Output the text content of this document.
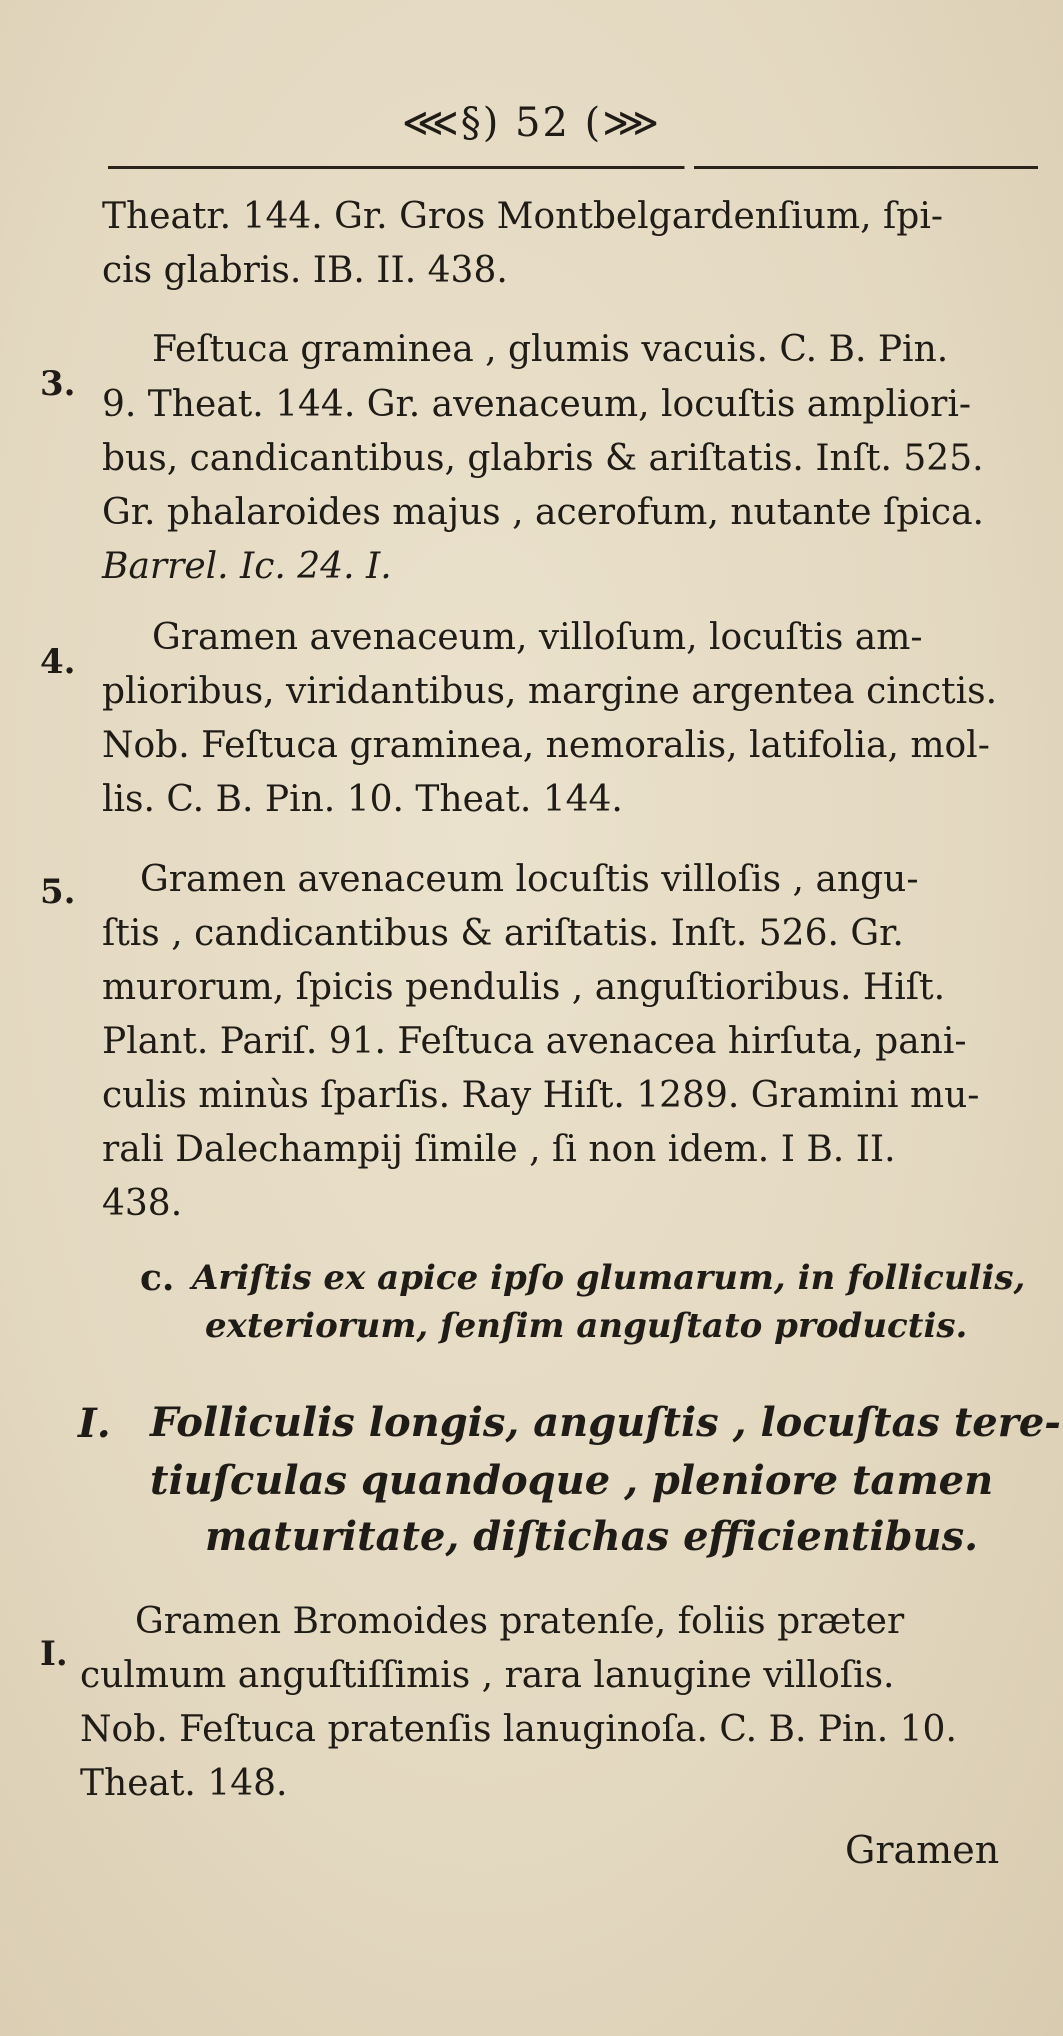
⋘§) 52 (⋙
Theatr. 144. Gr. Gros Montbelgardenſium, ſpi-
cis glabris. IB. II. 438.
3.
Feſtuca graminea , glumis vacuis. C. B. Pin.
9. Theat. 144. Gr. avenaceum, locuſtis ampliori-
bus, candicantibus, glabris & ariſtatis. Inſt. 525.
Gr. phalaroides majus , acerofum, nutante ſpica.
Barrel. Ic. 24. I.
4.
Gramen avenaceum, villoſum, locuſtis am-
plioribus, viridantibus, margine argentea cinctis.
Nob. Feſtuca graminea, nemoralis, latifolia, mol-
lis. C. B. Pin. 10. Theat. 144.
5. Gramen avenaceum locuſtis villoſis , angu-
ſtis , candicantibus & ariſtatis. Inſt. 526. Gr.
murorum, ſpicis pendulis , anguſtioribus. Hiſt.
Plant. Pariſ. 91. Feſtuca avenacea hirſuta, pani-
culis minùs ſparſis. Ray Hiſt. 1289. Gramini mu-
rali Dalechampij ſimile , ſi non idem. I B. II.
438.
c. Ariſtis ex apice ipſo glumarum, in folliculis,
exteriorum, ſenſim anguſtato productis.
I. Folliculis longis, anguſtis , locuſtas tere-
tiuſculas quandoque , pleniore tamen
maturitate, diſtichas efficientibus.
I.
Gramen Bromoides pratenſe, foliis præter
culmum anguſtiſſimis , rara lanugine villoſis.
Nob. Feſtuca pratenſis lanuginoſa. C. B. Pin. 10.
Theat. 148.
Gramen
